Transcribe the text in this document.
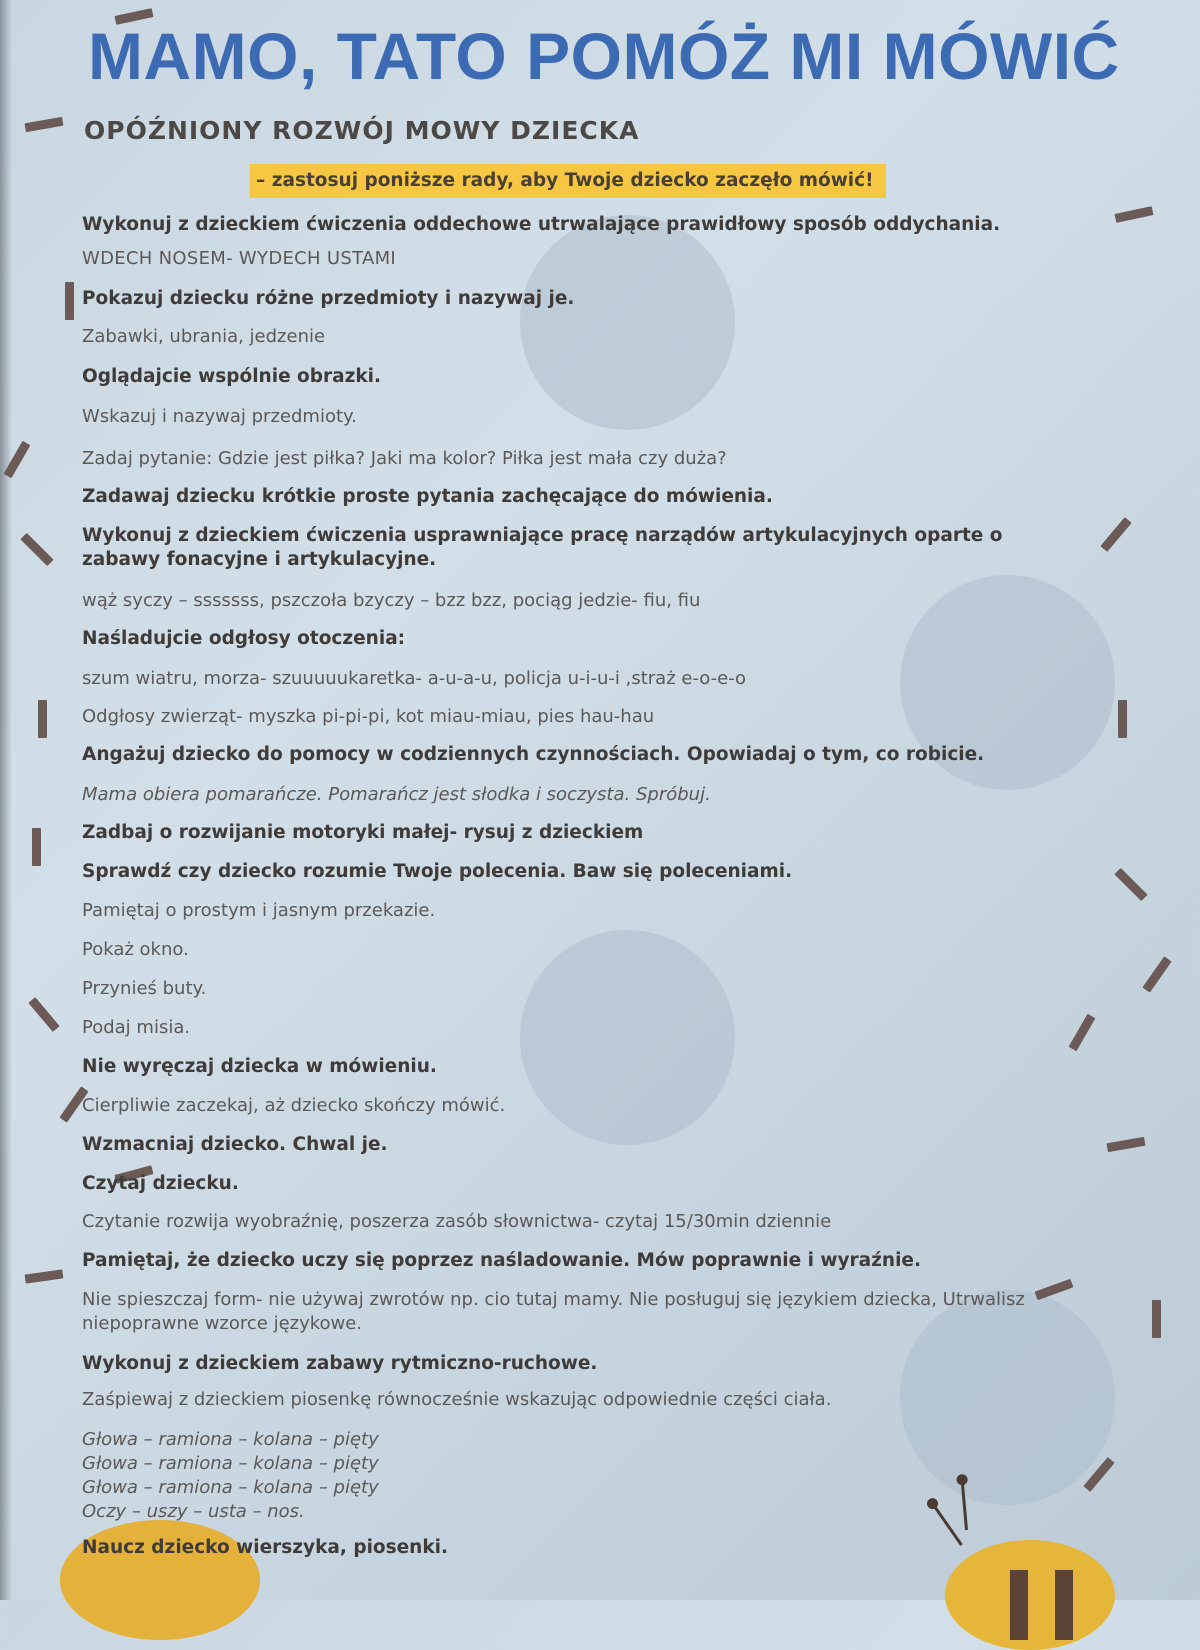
MAMO, TATO POMÓŻ MI MÓWIĆ
OPÓŹNIONY ROZWÓJ MOWY DZIECKA
– zastosuj poniższe rady, aby Twoje dziecko zaczęło mówić!

Wykonuj z dzieckiem ćwiczenia oddechowe utrwalające prawidłowy sposób oddychania.

WDECH NOSEM- WYDECH USTAMI

Pokazuj dziecku różne przedmioty i nazywaj je.

Zabawki, ubrania, jedzenie

Oglądajcie wspólnie obrazki.

Wskazuj i nazywaj przedmioty.

Zadaj pytanie: Gdzie jest piłka? Jaki ma kolor? Piłka jest mała czy duża?

Zadawaj dziecku krótkie proste pytania zachęcające do mówienia.

Wykonuj z dzieckiem ćwiczenia usprawniające pracę narządów artykulacyjnych oparte o zabawy fonacyjne i artykulacyjne.

wąż syczy – sssssss, pszczoła bzyczy – bzz bzz, pociąg jedzie- fiu, fiu

Naśladujcie odgłosy otoczenia:

szum wiatru, morza- szuuuuukaretka- a-u-a-u, policja u-i-u-i ,straż e-o-e-o

Odgłosy zwierząt- myszka pi-pi-pi, kot miau-miau, pies hau-hau

Angażuj dziecko do pomocy w codziennych czynnościach. Opowiadaj o tym, co robicie.

Mama obiera pomarańcze. Pomarańcz jest słodka i soczysta. Spróbuj.

Zadbaj o rozwijanie motoryki małej- rysuj z dzieckiem

Sprawdź czy dziecko rozumie Twoje polecenia. Baw się poleceniami.

Pamiętaj o prostym i jasnym przekazie.

Pokaż okno.

Przynieś buty.

Podaj misia.

Nie wyręczaj dziecka w mówieniu.

Cierpliwie zaczekaj, aż dziecko skończy mówić.

Wzmacniaj dziecko. Chwal je.

Czytaj dziecku.

Czytanie rozwija wyobraźnię, poszerza zasób słownictwa- czytaj 15/30min dziennie

Pamiętaj, że dziecko uczy się poprzez naśladowanie. Mów poprawnie i wyraźnie.

Nie spieszczaj form- nie używaj zwrotów np. cio tutaj mamy. Nie posługuj się językiem dziecka, Utrwalisz niepoprawne wzorce językowe.

Wykonuj z dzieckiem zabawy rytmiczno-ruchowe.

Zaśpiewaj z dzieckiem piosenkę równocześnie wskazując odpowiednie części ciała.

Głowa – ramiona – kolana – pięty

Głowa – ramiona – kolana – pięty

Głowa – ramiona – kolana – pięty

Oczy – uszy – usta – nos.

Naucz dziecko wierszyka, piosenki.
